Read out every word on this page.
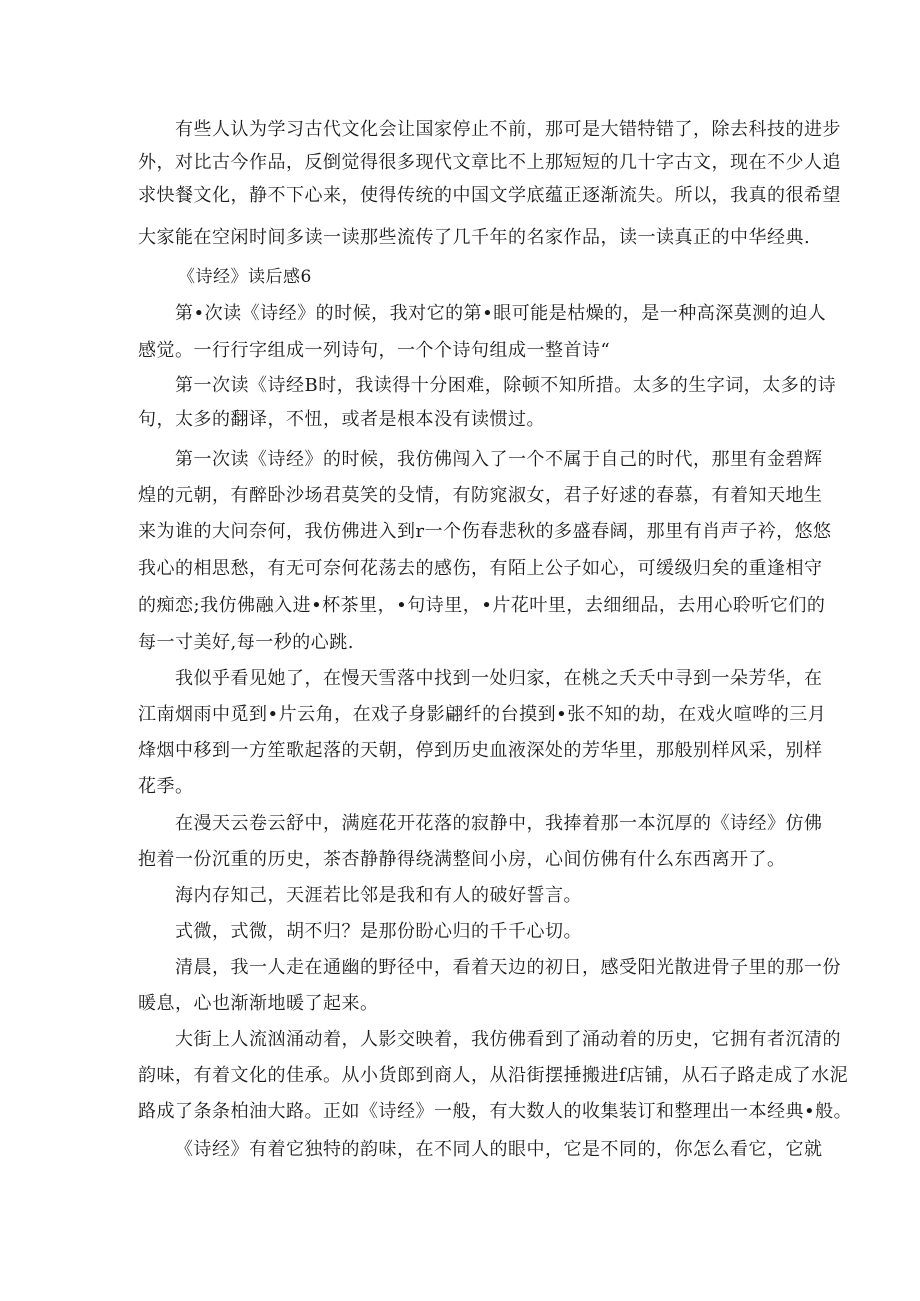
有些人认为学习古代文化会让国家停止不前，那可是大错特错了，除去科技的进步
外，对比古今作品，反倒觉得很多现代文章比不上那短短的几十字古文，现在不少人追
求快餐文化，静不下心来，使得传统的中国文学底蕴正逐渐流失。所以，我真的很希望
大家能在空闲时间多读一读那些流传了几千年的名家作品，读一读真正的中华经典.
《诗经》读后感6
第•次读《诗经》的时候，我对它的第•眼可能是枯燥的，是一种高深莫测的迫人
感觉。一行行字组成一列诗句，一个个诗句组成一整首诗“
第一次读《诗经B时，我读得十分困难，除顿不知所措。太多的生字词，太多的诗
句，太多的翻译，不忸，或者是根本没有读惯过。
第一次读《诗经》的时候，我仿佛闯入了一个不属于自己的时代，那里有金碧辉
煌的元朝，有醉卧沙场君莫笑的殳情，有防窕淑女，君子好逑的春慕，有着知天地生
来为谁的大问奈何，我仿佛进入到r一个伤春悲秋的多盛春阔，那里有肖声子衿，悠悠
我心的相思愁，有无可奈何花荡去的感伤，有陌上公子如心，可缓级归矣的重逢相守
的痴恋;我仿佛融入进•杯茶里，•句诗里，•片花叶里，去细细品，去用心聆听它们的
每一寸美好,每一秒的心跳.
我似乎看见她了，在慢天雪落中找到一处归家，在桃之夭夭中寻到一朵芳华，在
江南烟雨中觅到•片云角，在戏子身影翩纤的台摸到•张不知的劫，在戏火喧哗的三月
烽烟中移到一方笙歌起落的天朝，停到历史血液深处的芳华里，那般别样风采，别样
花季。
在漫天云卷云舒中，满庭花开花落的寂静中，我捧着那一本沉厚的《诗经》仿佛
抱着一份沉重的历史，茶杏静静得绕满整间小房，心间仿佛有什么东西离开了。
海内存知己，天涯若比邻是我和有人的破好誓言。
式微，式微，胡不归？是那份盼心归的千千心切。
清晨，我一人走在通幽的野径中，看着天边的初日，感受阳光散进骨子里的那一份
暖息，心也渐渐地暖了起来。
大街上人流汹涌动着，人影交映着，我仿佛看到了涌动着的历史，它拥有者沉清的
韵味，有着文化的佳承。从小货郎到商人，从沿街摆捶搬进f店铺，从石子路走成了水泥
路成了条条柏油大路。正如《诗经》一般，有大数人的收集装订和整理出一本经典•般。
《诗经》有着它独特的韵味，在不同人的眼中，它是不同的，你怎么看它，它就
